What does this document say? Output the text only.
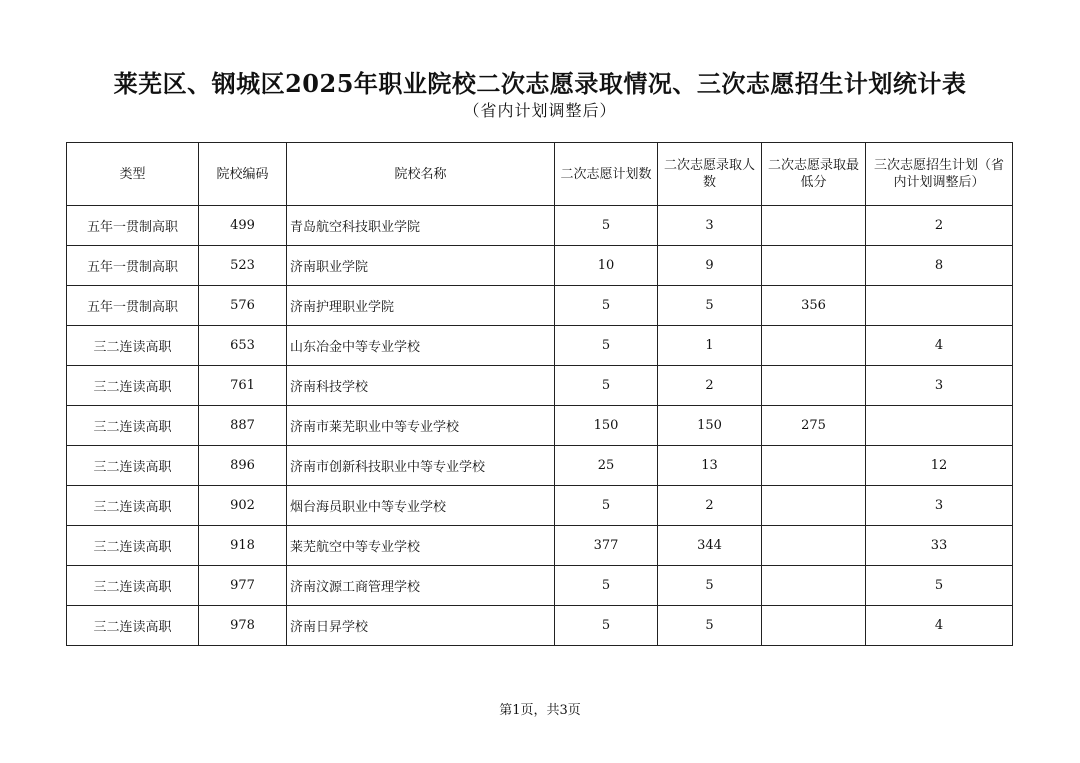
莱芜区、钢城区2025年职业院校二次志愿录取情况、三次志愿招生计划统计表
（省内计划调整后）
类型	院校编码	院校名称	二次志愿计划数	二次志愿录取人数	二次志愿录取最低分	三次志愿招生计划（省内计划调整后）
五年一贯制高职	499	青岛航空科技职业学院	5	3		2
五年一贯制高职	523	济南职业学院	10	9		8
五年一贯制高职	576	济南护理职业学院	5	5	356	
三二连读高职	653	山东冶金中等专业学校	5	1		4
三二连读高职	761	济南科技学校	5	2		3
三二连读高职	887	济南市莱芜职业中等专业学校	150	150	275	
三二连读高职	896	济南市创新科技职业中等专业学校	25	13		12
三二连读高职	902	烟台海员职业中等专业学校	5	2		3
三二连读高职	918	莱芜航空中等专业学校	377	344		33
三二连读高职	977	济南汶源工商管理学校	5	5		5
三二连读高职	978	济南日昇学校	5	5		4
第1页，共3页
